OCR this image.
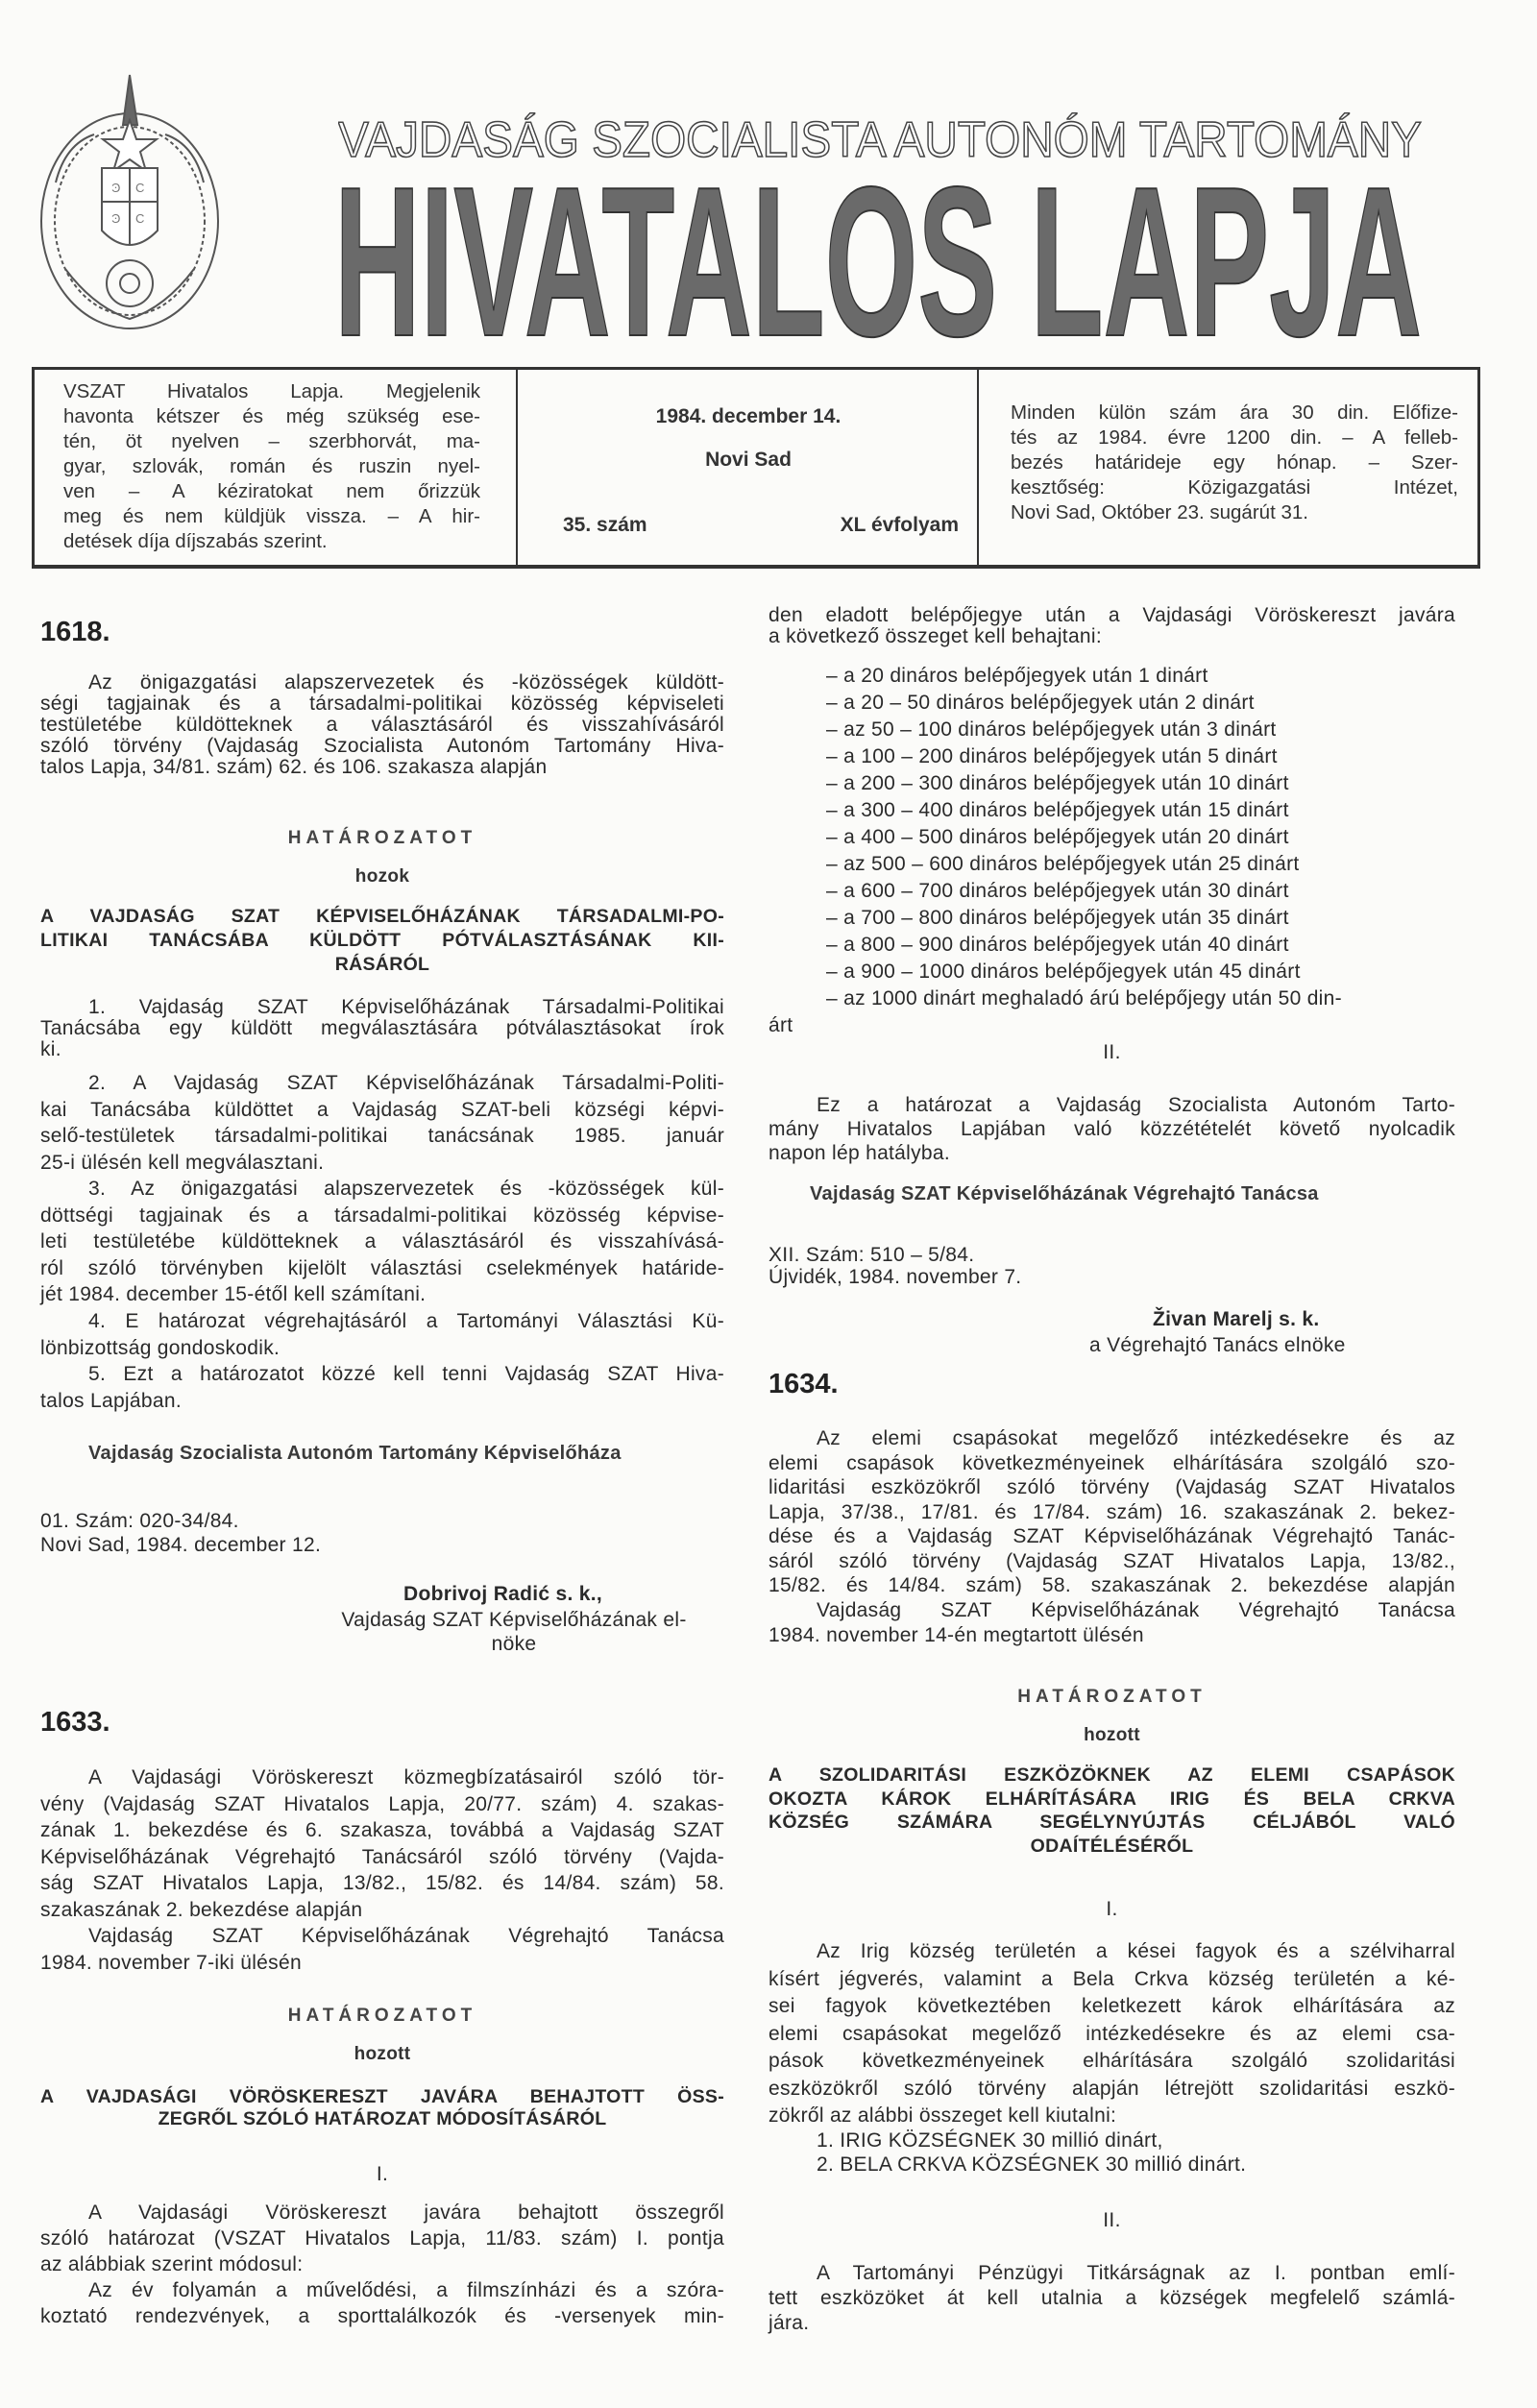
Ͽ C
Ͽ C
VAJDASÁG SZOCIALISTA AUTONÓM TARTOMÁNY
HIVATALOS LAPJA
VSZAT Hivatalos Lapja. Megjelenik
havonta kétszer és még szükség ese-
tén, öt nyelven – szerbhorvát, ma-
gyar, szlovák, román és ruszin nyel-
ven – A kéziratokat nem őrizzük
meg és nem küldjük vissza. – A hir-
detések díja díjszabás szerint.
1984. december 14.
Novi Sad
35. szám	XL évfolyam
Minden külön szám ára 30 din. Előfize-
tés az 1984. évre 1200 din. – A felleb-
bezés határideje egy hónap. – Szer-
kesztőség: Közigazgatási Intézet,
Novi Sad, Október 23. sugárút 31.
1618.
Az önigazgatási alapszervezetek és -közösségek küldött-
ségi tagjainak és a társadalmi-politikai közösség képviseleti
testületébe küldötteknek a választásáról és visszahívásáról
szóló törvény (Vajdaság Szocialista Autonóm Tartomány Hiva-
talos Lapja, 34/81. szám) 62. és 106. szakasza alapján
HATÁROZATOT
hozok
A VAJDASÁG SZAT KÉPVISELŐHÁZÁNAK TÁRSADALMI-PO-
LITIKAI TANÁCSÁBA KÜLDÖTT PÓTVÁLASZTÁSÁNAK KII-
RÁSÁRÓL
1. Vajdaság SZAT Képviselőházának Társadalmi-Politikai
Tanácsába egy küldött megválasztására pótválasztásokat írok
ki.
2. A Vajdaság SZAT Képviselőházának Társadalmi-Politi-
kai Tanácsába küldöttet a Vajdaság SZAT-beli községi képvi-
selő-testületek társadalmi-politikai tanácsának 1985. január
25-i ülésén kell megválasztani.
3. Az önigazgatási alapszervezetek és -közösségek kül-
döttségi tagjainak és a társadalmi-politikai közösség képvise-
leti testületébe küldötteknek a választásáról és visszahívásá-
ról szóló törvényben kijelölt választási cselekmények határide-
jét 1984. december 15-étől kell számítani.
4. E határozat végrehajtásáról a Tartományi Választási Kü-
lönbizottság gondoskodik.
5. Ezt a határozatot közzé kell tenni Vajdaság SZAT Hiva-
talos Lapjában.
Vajdaság Szocialista Autonóm Tartomány Képviselőháza
01. Szám: 020-34/84.
Novi Sad, 1984. december 12.
Dobrivoj Radić s. k.,
Vajdaság SZAT Képviselőházának el-
nöke
1633.
A Vajdasági Vöröskereszt közmegbízatásairól szóló tör-
vény (Vajdaság SZAT Hivatalos Lapja, 20/77. szám) 4. szakas-
zának 1. bekezdése és 6. szakasza, továbbá a Vajdaság SZAT
Képviselőházának Végrehajtó Tanácsáról szóló törvény (Vajda-
ság SZAT Hivatalos Lapja, 13/82., 15/82. és 14/84. szám) 58.
szakaszának 2. bekezdése alapján
Vajdaság SZAT Képviselőházának Végrehajtó Tanácsa
1984. november 7-iki ülésén
HATÁROZATOT
hozott
A VAJDASÁGI VÖRÖSKERESZT JAVÁRA BEHAJTOTT ÖSS-
ZEGRŐL SZÓLÓ HATÁROZAT MÓDOSÍTÁSÁRÓL
I.
A Vajdasági Vöröskereszt javára behajtott összegről
szóló határozat (VSZAT Hivatalos Lapja, 11/83. szám) I. pontja
az alábbiak szerint módosul:
Az év folyamán a művelődési, a filmszínházi és a szóra-
koztató rendezvények, a sporttalálkozók és -versenyek min-
den eladott belépőjegye után a Vajdasági Vöröskereszt javára
a következő összeget kell behajtani:
– a 20 dináros belépőjegyek után 1 dinárt
– a 20 – 50 dináros belépőjegyek után 2 dinárt
– az 50 – 100 dináros belépőjegyek után 3 dinárt
– a 100 – 200 dináros belépőjegyek után 5 dinárt
– a 200 – 300 dináros belépőjegyek után 10 dinárt
– a 300 – 400 dináros belépőjegyek után 15 dinárt
– a 400 – 500 dináros belépőjegyek után 20 dinárt
– az 500 – 600 dináros belépőjegyek után 25 dinárt
– a 600 – 700 dináros belépőjegyek után 30 dinárt
– a 700 – 800 dináros belépőjegyek után 35 dinárt
– a 800 – 900 dináros belépőjegyek után 40 dinárt
– a 900 – 1000 dináros belépőjegyek után 45 dinárt
– az 1000 dinárt meghaladó árú belépőjegy után 50 din-
árt
II.
Ez a határozat a Vajdaság Szocialista Autonóm Tarto-
mány Hivatalos Lapjában való közzétételét követő nyolcadik
napon lép hatályba.
Vajdaság SZAT Képviselőházának Végrehajtó Tanácsa
XII. Szám: 510 – 5/84.
Újvidék, 1984. november 7.
Živan Marelj s. k.
a Végrehajtó Tanács elnöke
1634.
Az elemi csapásokat megelőző intézkedésekre és az
elemi csapások következményeinek elhárítására szolgáló szo-
lidaritási eszközökről szóló törvény (Vajdaság SZAT Hivatalos
Lapja, 37/38., 17/81. és 17/84. szám) 16. szakaszának 2. bekez-
dése és a Vajdaság SZAT Képviselőházának Végrehajtó Tanác-
sáról szóló törvény (Vajdaság SZAT Hivatalos Lapja, 13/82.,
15/82. és 14/84. szám) 58. szakaszának 2. bekezdése alapján
Vajdaság SZAT Képviselőházának Végrehajtó Tanácsa
1984. november 14-én megtartott ülésén
HATÁROZATOT
hozott
A SZOLIDARITÁSI ESZKÖZÖKNEK AZ ELEMI CSAPÁSOK
OKOZTA KÁROK ELHÁRÍTÁSÁRA IRIG ÉS BELA CRKVA
KÖZSÉG SZÁMÁRA SEGÉLYNYÚJTÁS CÉLJÁBÓL VALÓ
ODAÍTÉLÉSÉRŐL
I.
Az Irig község területén a kései fagyok és a szélviharral
kísért jégverés, valamint a Bela Crkva község területén a ké-
sei fagyok következtében keletkezett károk elhárítására az
elemi csapásokat megelőző intézkedésekre és az elemi csa-
pások következményeinek elhárítására szolgáló szolidaritási
eszközökről szóló törvény alapján létrejött szolidaritási eszkö-
zökről az alábbi összeget kell kiutalni:
1. IRIG KÖZSÉGNEK 30 millió dinárt,
2. BELA CRKVA KÖZSÉGNEK 30 millió dinárt.
II.
A Tartományi Pénzügyi Titkárságnak az I. pontban emlí-
tett eszközöket át kell utalnia a községek megfelelő számlá-
jára.
